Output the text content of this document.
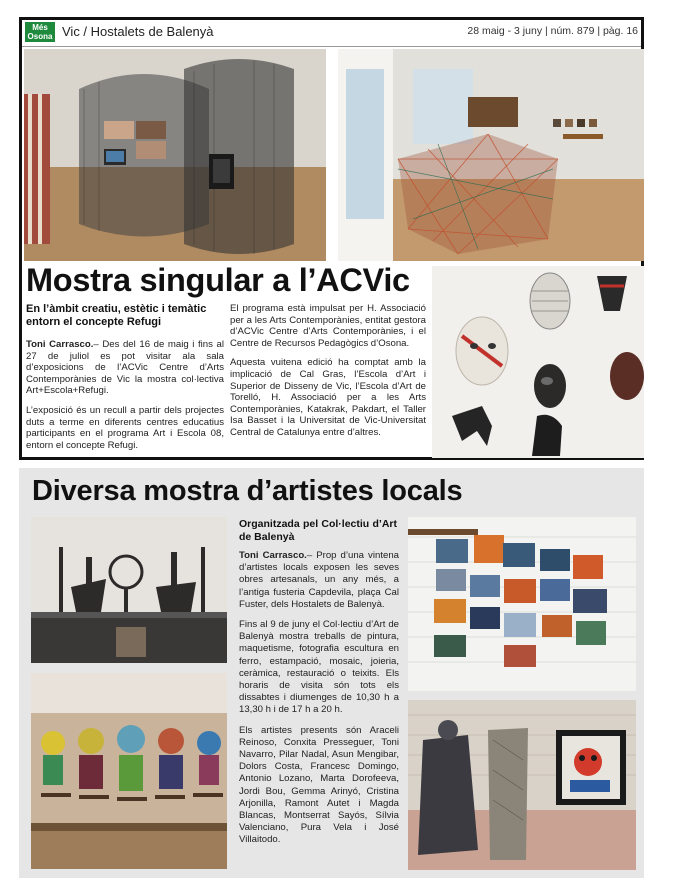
Més
Osona Vic / Hostalets de Balenyà	28 maig - 3 juny | núm. 879 | pàg. 16
Mostra singular a l’ACVic
En l’àmbit creatiu, estètic i temàtic entorn el concepte Refugi

Toni Carrasco.– Des del 16 de maig i fins al 27 de juliol es pot visitar ala sala d’exposicions de l’ACVic Centre d’Arts Contemporànies de Vic la mostra col·lectiva Art+Escola+Refugi.

L’exposició és un recull a partir dels projectes duts a terme en diferents centres educatius participants en el programa Art i Escola 08, entorn el concepte Refugi.

El programa està impulsat per H. Associació per a les Arts Contemporànies, entitat gestora d’ACVic Centre d’Arts Contemporànies, i el Centre de Recursos Pedagògics d’Osona.

Aquesta vuitena edició ha comptat amb la implicació de Cal Gras, l’Escola d’Art i Superior de Disseny de Vic, l’Escola d’Art de Torelló, H. Associació per a les Arts Contemporànies, Katakrak, Pakdart, el Taller Isa Basset i la Universitat de Vic-Universitat Central de Catalunya entre d’altres.

Diversa mostra d’artistes locals
Organitzada pel Col·lectiu d’Art de Balenyà

Toni Carrasco.– Prop d’una vintena d’artistes locals exposen les seves obres artesanals, un any més, a l’antiga fusteria Capdevila, plaça Cal Fuster, dels Hostalets de Balenyà.

Fins al 9 de juny el Col·lectiu d’Art de Balenyà mostra treballs de pintura, maquetisme, fotografia escultura en ferro, estampació, mosaic, joieria, ceràmica, restauració o teixits. Els horaris de visita són tots els dissabtes i diumenges de 10,30 h a 13,30 h i de 17 h a 20 h.

Els artistes presents són Araceli Reinoso, Conxita Presseguer, Toni Navarro, Pilar Nadal, Asun Mengibar, Dolors Costa, Francesc Domingo, Antonio Lozano, Marta Dorofeeva, Jordi Bou, Gemma Arinyó, Cristina Arjonilla, Ramont Autet i Magda Blancas, Montserrat Sayós, Sílvia Valenciano, Pura Vela i José Villaitodo.
